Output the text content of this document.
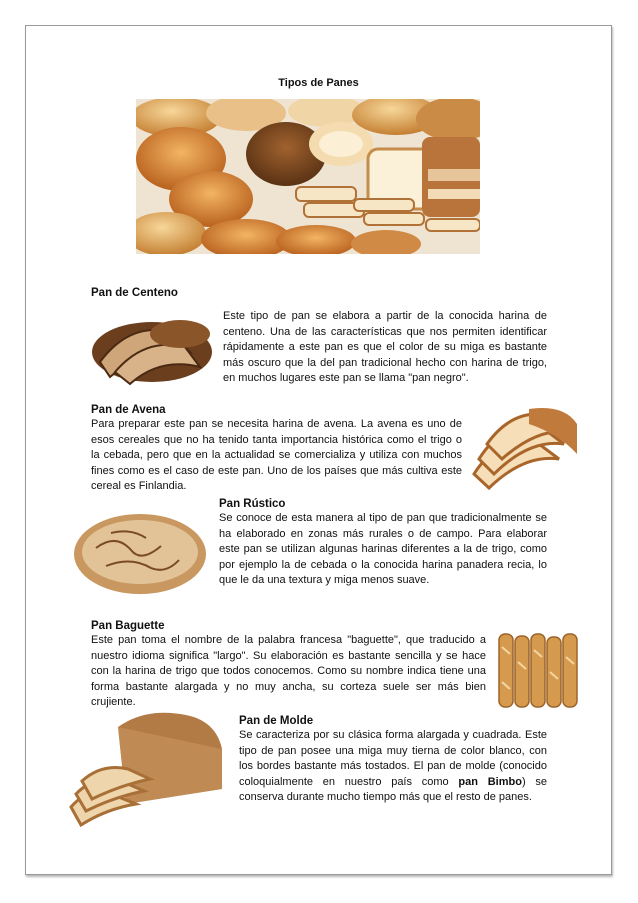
Tipos de Panes
Pan de Centeno
Este tipo de pan se elabora a partir de la conocida harina de centeno. Una de las características que nos permiten identificar rápidamente a este pan es que el color de su miga es bastante más oscuro que la del pan tradicional hecho con harina de trigo, en muchos lugares este pan se llama "pan negro".
Pan de Avena
Para preparar este pan se necesita harina de avena. La avena es uno de esos cereales que no ha tenido tanta importancia histórica como el trigo o la cebada, pero que en la actualidad se comercializa y utiliza con muchos fines como es el caso de este pan. Uno de los países que más cultiva este cereal es Finlandia.
Pan Rústico
Se conoce de esta manera al tipo de pan que tradicionalmente se ha elaborado en zonas más rurales o de campo. Para elaborar este pan se utilizan algunas harinas diferentes a la de trigo, como por ejemplo la de cebada o la conocida harina panadera recia, lo que le da una textura y miga menos suave.
Pan Baguette
Este pan toma el nombre de la palabra francesa "baguette", que traducido a nuestro idioma significa "largo". Su elaboración es bastante sencilla y se hace con la harina de trigo que todos conocemos. Como su nombre indica tiene una forma bastante alargada y no muy ancha, su corteza suele ser más bien crujiente.
Pan de Molde
Se caracteriza por su clásica forma alargada y cuadrada. Este tipo de pan posee una miga muy tierna de color blanco, con los bordes bastante más tostados. El pan de molde (conocido coloquialmente en nuestro país como pan Bimbo) se conserva durante mucho tiempo más que el resto de panes.
